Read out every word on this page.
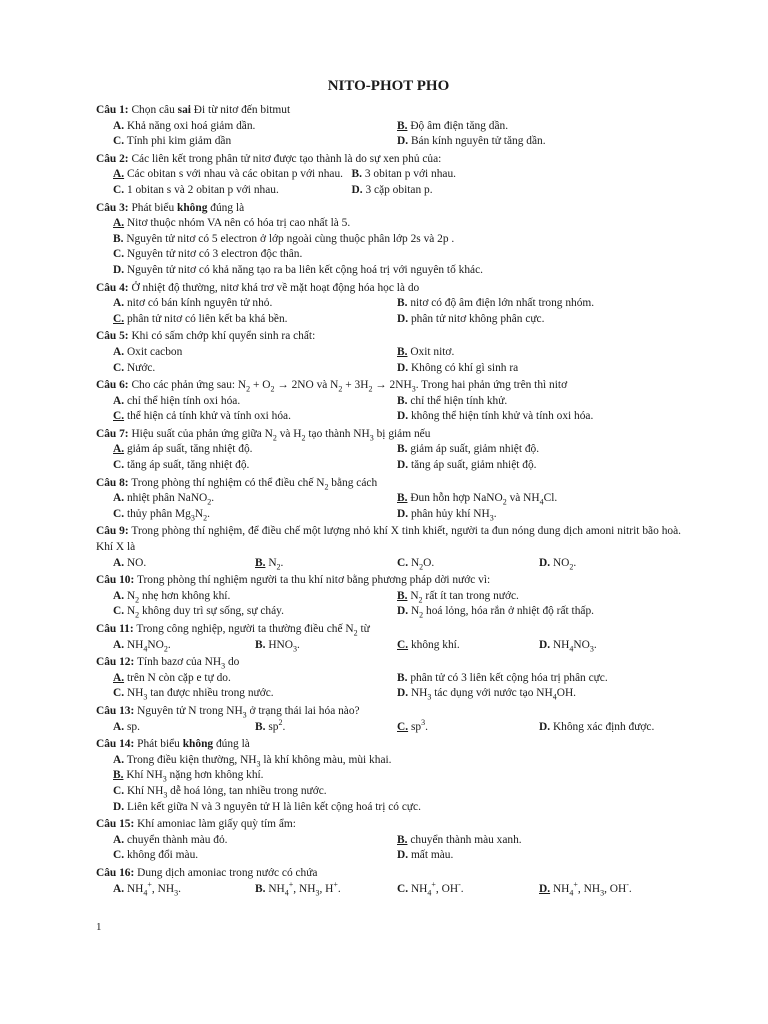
NITO-PHOT PHO
Câu 1: Chọn câu sai Đi từ nitơ đến bitmut
A. Khả năng oxi hoá giảm dần.	B. Độ âm điện tăng dần.
C. Tính phi kim giảm dần	D. Bán kính nguyên tử tăng dần.
Câu 2: Các liên kết trong phân tử nitơ được tạo thành là do sự xen phủ của:
A. Các obitan s với nhau và các obitan p với nhau. B. 3 obitan p với nhau.
C. 1 obitan s và 2 obitan p với nhau.	D. 3 cặp obitan p.
Câu 3: Phát biểu không đúng là
A. Nitơ thuộc nhóm VA nên có hóa trị cao nhất là 5.
B. Nguyên tử nitơ có 5 electron ở lớp ngoài cùng thuộc phân lớp 2s và 2p .
C. Nguyên tử nitơ có 3 electron độc thân.
D. Nguyên tử nitơ có khả năng tạo ra ba liên kết cộng hoá trị với nguyên tố khác.
Câu 4: Ở nhiệt độ thường, nitơ khá trơ về mặt hoạt động hóa học là do
A. nitơ có bán kính nguyên tử nhỏ.	B. nitơ có độ âm điện lớn nhất trong nhóm.
C. phân tử nitơ có liên kết ba khá bền.	D. phân tử nitơ không phân cực.
Câu 5: Khi có sấm chớp khí quyển sinh ra chất:
A. Oxit cacbon	B. Oxit nitơ.
C. Nước.	D. Không có khí gì sinh ra
Câu 6: Cho các phản ứng sau: $N_2 + O_2 \to 2NO$ và $N_2 + 3H_2 \to 2NH_3$. Trong hai phản ứng trên thì nitơ
A. chỉ thể hiện tính oxi hóa.	B. chỉ thể hiện tính khử.
C. thể hiện cả tính khử và tính oxi hóa.	D. không thể hiện tính khử và tính oxi hóa.
Câu 7: Hiệu suất của phản ứng giữa $N_2$ và $H_2$ tạo thành $NH_3$ bị giảm nếu
A. giảm áp suất, tăng nhiệt độ.	B. giảm áp suất, giảm nhiệt độ.
C. tăng áp suất, tăng nhiệt độ.	D. tăng áp suất, giảm nhiệt độ.
Câu 8: Trong phòng thí nghiệm có thể điều chế $N_2$ bằng cách
A. nhiệt phân NaNO$_2$.	B. Đun hỗn hợp NaNO$_2$ và $NH_4Cl$.
C. thủy phân $Mg_3N_2$.	D. phân hủy khí $NH_3$.
Câu 9: Trong phòng thí nghiệm, để điều chế một lượng nhỏ khí X tinh khiết, người ta đun nóng dung dịch amoni nitrit bão hoà. Khí X là
A. NO.	B. $N_2$.	C. $N_2O$.	D. $NO_2$.
Câu 10: Trong phòng thí nghiệm người ta thu khí nitơ bằng phương pháp dời nước vì:
A. $N_2$ nhẹ hơn không khí.	B. $N_2$ rất ít tan trong nước.
C. $N_2$ không duy trì sự sống, sự cháy.	D. $N_2$ hoá lỏng, hóa rắn ở nhiệt độ rất thấp.
Câu 11: Trong công nghiệp, người ta thường điều chế $N_2$ từ
A. $NH_4NO_2$.	B. $HNO_3$.	C. không khí.	D. $NH_4NO_3$.
Câu 12: Tính bazơ của $NH_3$ do
A. trên N còn cặp e tự do.	B. phân tử có 3 liên kết cộng hóa trị phân cực.
C. $NH_3$ tan được nhiều trong nước.	D. $NH_3$ tác dụng với nước tạo $NH_4OH$.
Câu 13: Nguyên tử N trong $NH_3$ ở trạng thái lai hóa nào?
A. sp.	B. $sp^2$.	C. $sp^3$.	D. Không xác định được.
Câu 14: Phát biểu không đúng là
A. Trong điều kiện thường, $NH_3$ là khí không màu, mùi khai.
B. Khí $NH_3$ nặng hơn không khí.
C. Khí $NH_3$ dễ hoá lỏng, tan nhiều trong nước.
D. Liên kết giữa N và 3 nguyên tử H là liên kết cộng hoá trị có cực.
Câu 15: Khí amoniac làm giấy quỳ tím ẩm:
A. chuyển thành màu đỏ.	B. chuyển thành màu xanh.
C. không đổi màu.	D. mất màu.
Câu 16: Dung dịch amoniac trong nước có chứa
A. $NH_4^+$, $NH_3$.	B. $NH_4^+$, $NH_3$, H+.	C. $NH_4^+$, OH-.	D. $NH_4^+$, $NH_3$, OH-.
1
